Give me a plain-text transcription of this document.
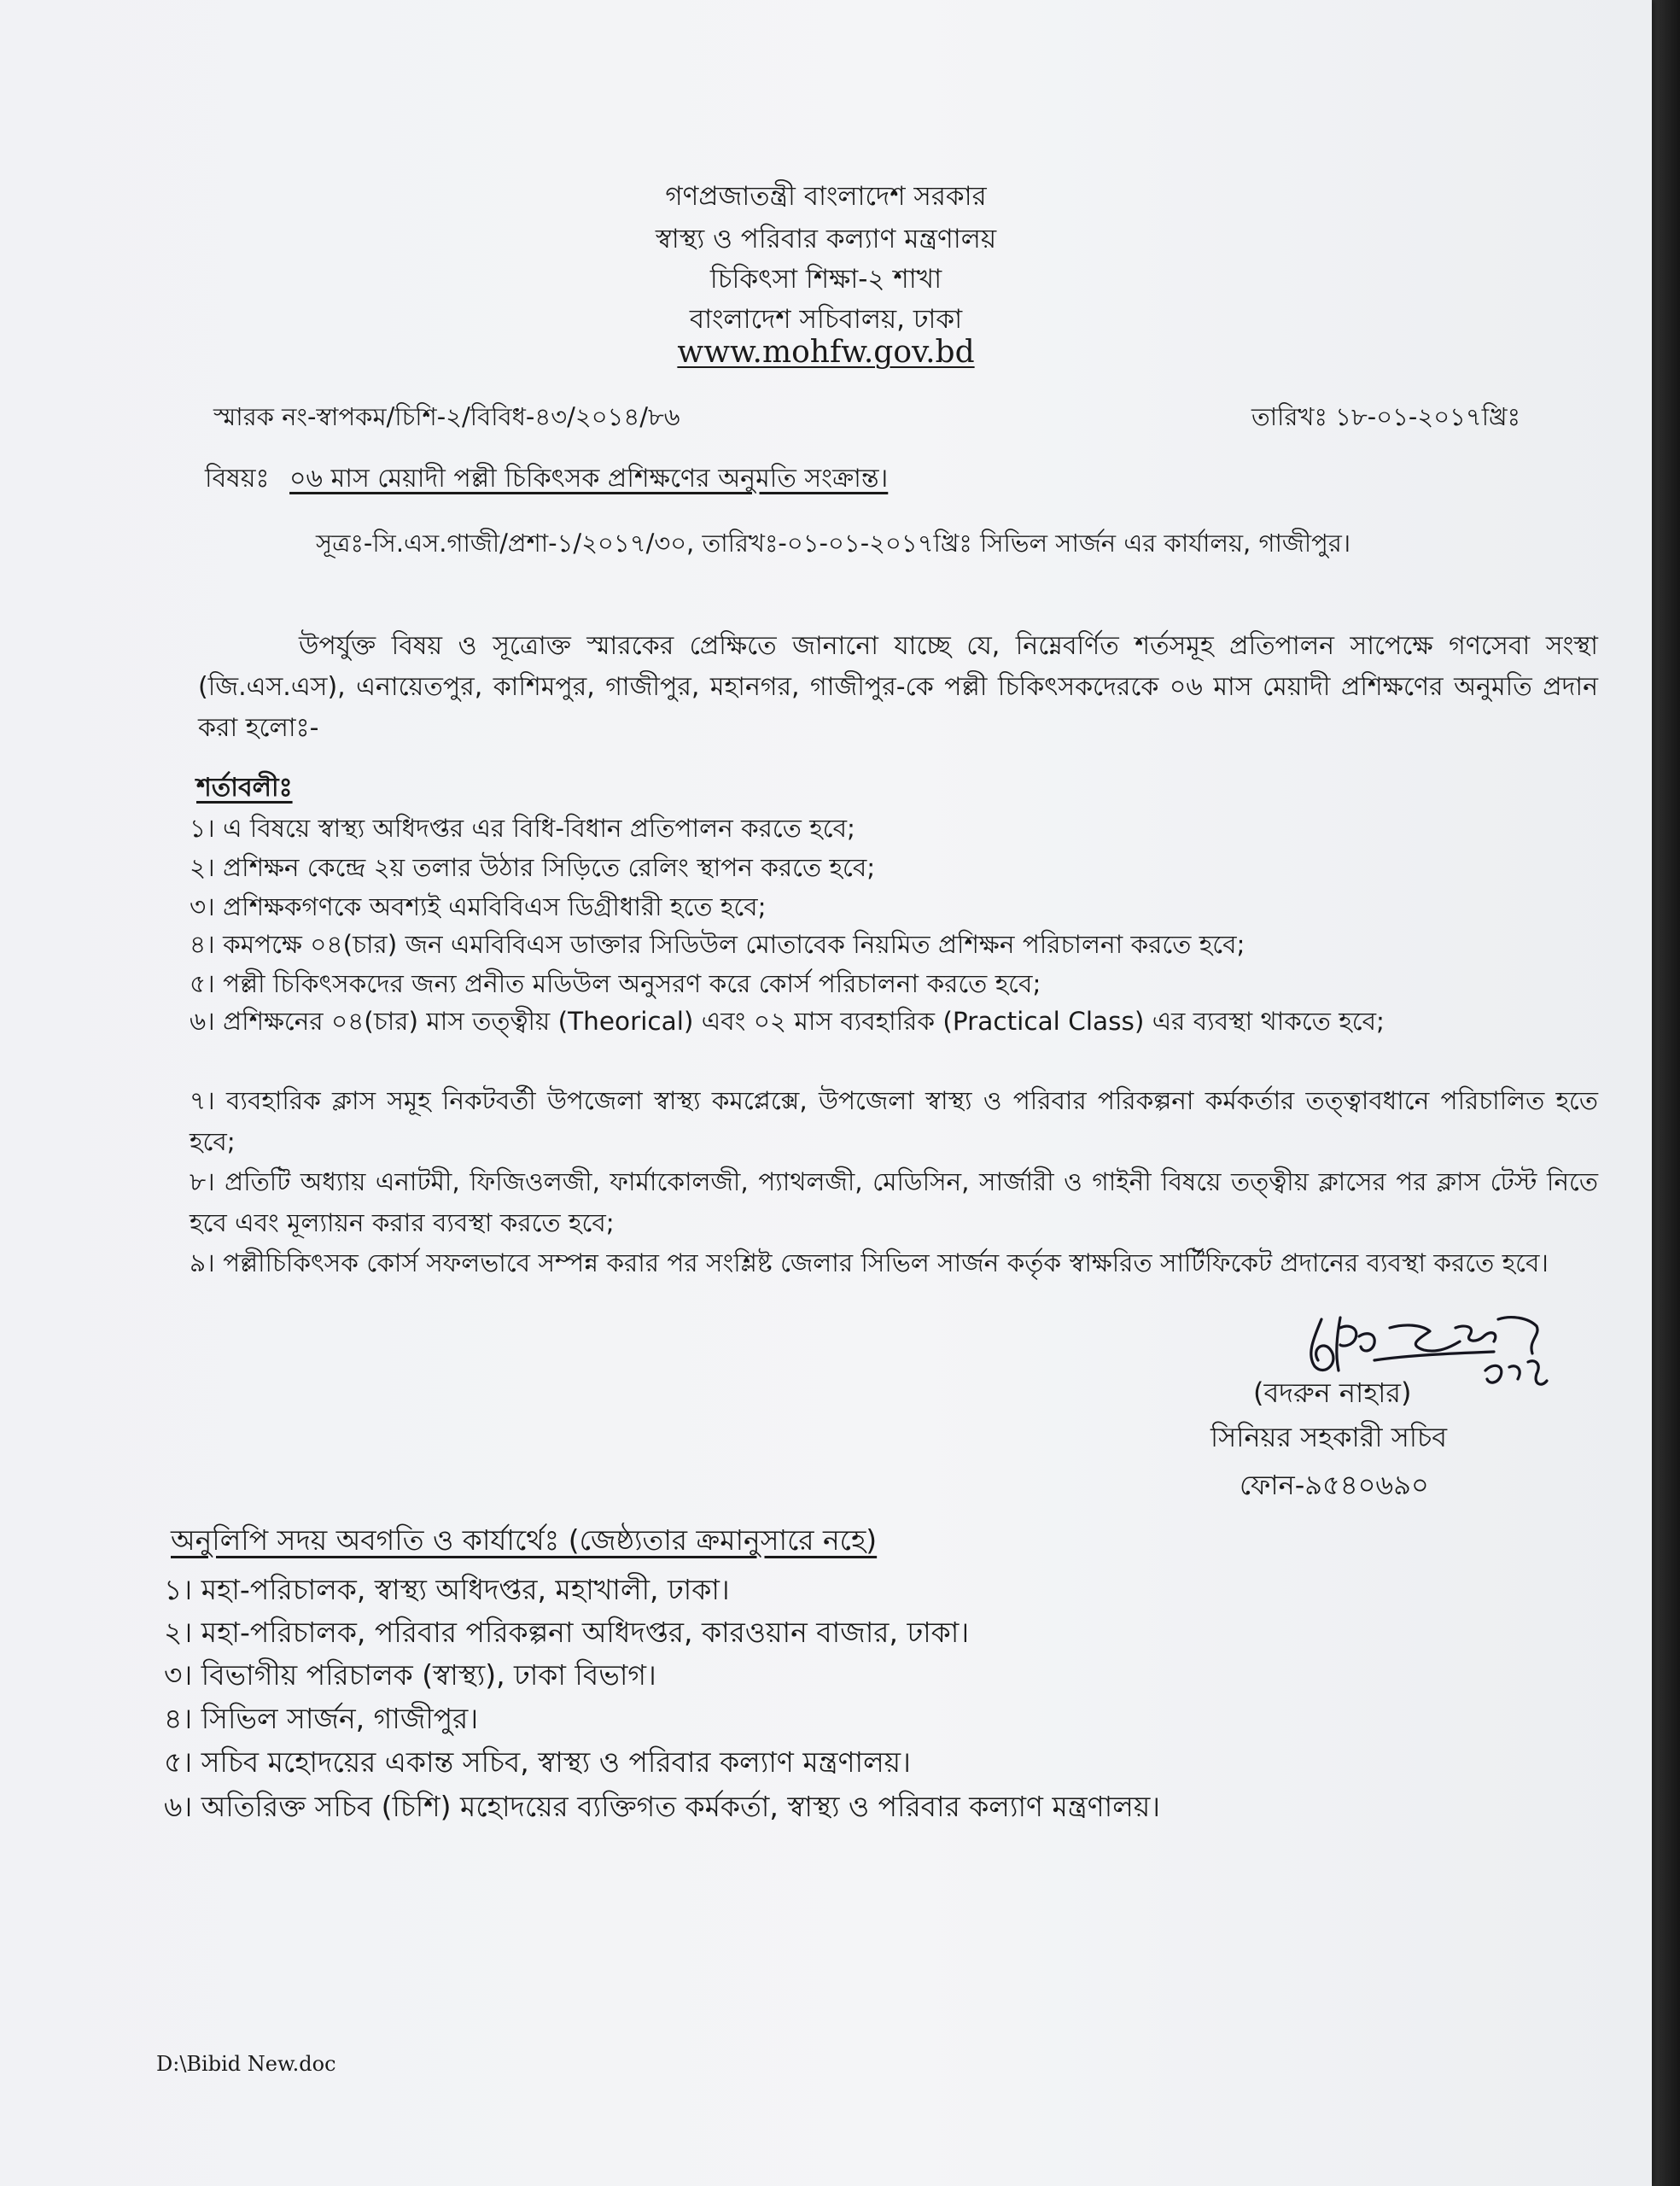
গণপ্রজাতন্ত্রী বাংলাদেশ সরকার
স্বাস্থ্য ও পরিবার কল্যাণ মন্ত্রণালয়
চিকিৎসা শিক্ষা-২ শাখা
বাংলাদেশ সচিবালয়, ঢাকা
www.mohfw.gov.bd
স্মারক নং-স্বাপকম/চিশি-২/বিবিধ-৪৩/২০১৪/৮৬	তারিখঃ ১৮-০১-২০১৭খ্রিঃ
বিষয়ঃ ০৬ মাস মেয়াদী পল্লী চিকিৎসক প্রশিক্ষণের অনুমতি সংক্রান্ত।
সূত্রঃ-সি.এস.গাজী/প্রশা-১/২০১৭/৩০, তারিখঃ-০১-০১-২০১৭খ্রিঃ সিভিল সার্জন এর কার্যালয়, গাজীপুর।

উপর্যুক্ত বিষয় ও সূত্রোক্ত স্মারকের প্রেক্ষিতে জানানো যাচ্ছে যে, নিম্নেবর্ণিত শর্তসমূহ প্রতিপালন সাপেক্ষে গণসেবা সংস্থা (জি.এস.এস), এনায়েতপুর, কাশিমপুর, গাজীপুর, মহানগর, গাজীপুর-কে পল্লী চিকিৎসকদেরকে ০৬ মাস মেয়াদী প্রশিক্ষণের অনুমতি প্রদান করা হলোঃ-

শর্তাবলীঃ

১। এ বিষয়ে স্বাস্থ্য অধিদপ্তর এর বিধি-বিধান প্রতিপালন করতে হবে;

২। প্রশিক্ষন কেন্দ্রে ২য় তলার উঠার সিড়িতে রেলিং স্থাপন করতে হবে;

৩। প্রশিক্ষকগণকে অবশ্যই এমবিবিএস ডিগ্রীধারী হতে হবে;

৪। কমপক্ষে ০৪(চার) জন এমবিবিএস ডাক্তার সিডিউল মোতাবেক নিয়মিত প্রশিক্ষন পরিচালনা করতে হবে;

৫। পল্লী চিকিৎসকদের জন্য প্রনীত মডিউল অনুসরণ করে কোর্স পরিচালনা করতে হবে;

৬। প্রশিক্ষনের ০৪(চার) মাস তত্ত্বীয় (Theorical) এবং ০২ মাস ব্যবহারিক (Practical Class) এর ব্যবস্থা থাকতে হবে;

৭। ব্যবহারিক ক্লাস সমূহ নিকটবর্তী উপজেলা স্বাস্থ্য কমপ্লেক্সে, উপজেলা স্বাস্থ্য ও পরিবার পরিকল্পনা কর্মকর্তার তত্ত্বাবধানে পরিচালিত হতে হবে;

৮। প্রতিটি অধ্যায় এনাটমী, ফিজিওলজী, ফার্মাকোলজী, প্যাথলজী, মেডিসিন, সার্জারী ও গাইনী বিষয়ে তত্ত্বীয় ক্লাসের পর ক্লাস টেস্ট নিতে হবে এবং মূল্যায়ন করার ব্যবস্থা করতে হবে;

৯। পল্লীচিকিৎসক কোর্স সফলভাবে সম্পন্ন করার পর সংশ্লিষ্ট জেলার সিভিল সার্জন কর্তৃক স্বাক্ষরিত সার্টিফিকেট প্রদানের ব্যবস্থা করতে হবে।

(বদরুন নাহার)
সিনিয়র সহকারী সচিব
ফোন-৯৫৪০৬৯০
অনুলিপি সদয় অবগতি ও কার্যার্থেঃ (জেষ্ঠ্যতার ক্রমানুসারে নহে)
১। মহা-পরিচালক, স্বাস্থ্য অধিদপ্তর, মহাখালী, ঢাকা।
২। মহা-পরিচালক, পরিবার পরিকল্পনা অধিদপ্তর, কারওয়ান বাজার, ঢাকা।
৩। বিভাগীয় পরিচালক (স্বাস্থ্য), ঢাকা বিভাগ।
৪। সিভিল সার্জন, গাজীপুর।
৫। সচিব মহোদয়ের একান্ত সচিব, স্বাস্থ্য ও পরিবার কল্যাণ মন্ত্রণালয়।
৬। অতিরিক্ত সচিব (চিশি) মহোদয়ের ব্যক্তিগত কর্মকর্তা, স্বাস্থ্য ও পরিবার কল্যাণ মন্ত্রণালয়।
D:\Bibid New.doc
